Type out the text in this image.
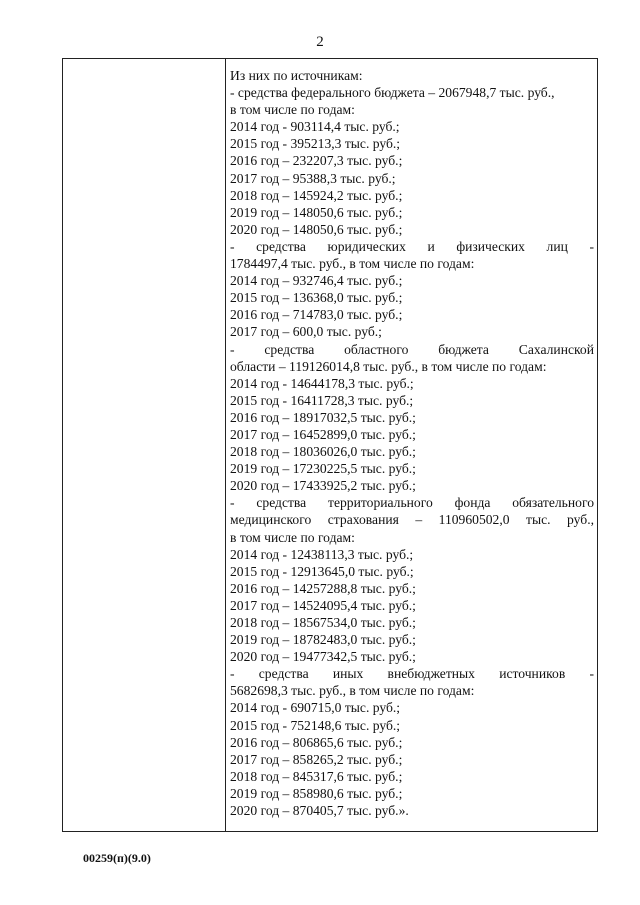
2
Из них по источникам:
- средства федерального бюджета – 2067948,7 тыс. руб.,
в том числе по годам:
2014 год - 903114,4 тыс. руб.;
2015 год - 395213,3 тыс. руб.;
2016 год – 232207,3 тыс. руб.;
2017 год – 95388,3 тыс. руб.;
2018 год – 145924,2 тыс. руб.;
2019 год – 148050,6 тыс. руб.;
2020 год – 148050,6 тыс. руб.;
- средства юридических и физических лиц -
1784497,4 тыс. руб., в том числе по годам:
2014 год – 932746,4 тыс. руб.;
2015 год – 136368,0 тыс. руб.;
2016 год – 714783,0 тыс. руб.;
2017 год – 600,0 тыс. руб.;
- средства областного бюджета Сахалинской
области – 119126014,8 тыс. руб., в том числе по годам:
2014 год - 14644178,3 тыс. руб.;
2015 год - 16411728,3 тыс. руб.;
2016 год – 18917032,5 тыс. руб.;
2017 год – 16452899,0 тыс. руб.;
2018 год – 18036026,0 тыс. руб.;
2019 год – 17230225,5 тыс. руб.;
2020 год – 17433925,2 тыс. руб.;
- средства территориального фонда обязательного
медицинского страхования – 110960502,0 тыс. руб.,
в том числе по годам:
2014 год - 12438113,3 тыс. руб.;
2015 год - 12913645,0 тыс. руб.;
2016 год – 14257288,8 тыс. руб.;
2017 год – 14524095,4 тыс. руб.;
2018 год – 18567534,0 тыс. руб.;
2019 год – 18782483,0 тыс. руб.;
2020 год – 19477342,5 тыс. руб.;
- средства иных внебюджетных источников -
5682698,3 тыс. руб., в том числе по годам:
2014 год - 690715,0 тыс. руб.;
2015 год - 752148,6 тыс. руб.;
2016 год – 806865,6 тыс. руб.;
2017 год – 858265,2 тыс. руб.;
2018 год – 845317,6 тыс. руб.;
2019 год – 858980,6 тыс. руб.;
2020 год – 870405,7 тыс. руб.».
00259(п)(9.0)
